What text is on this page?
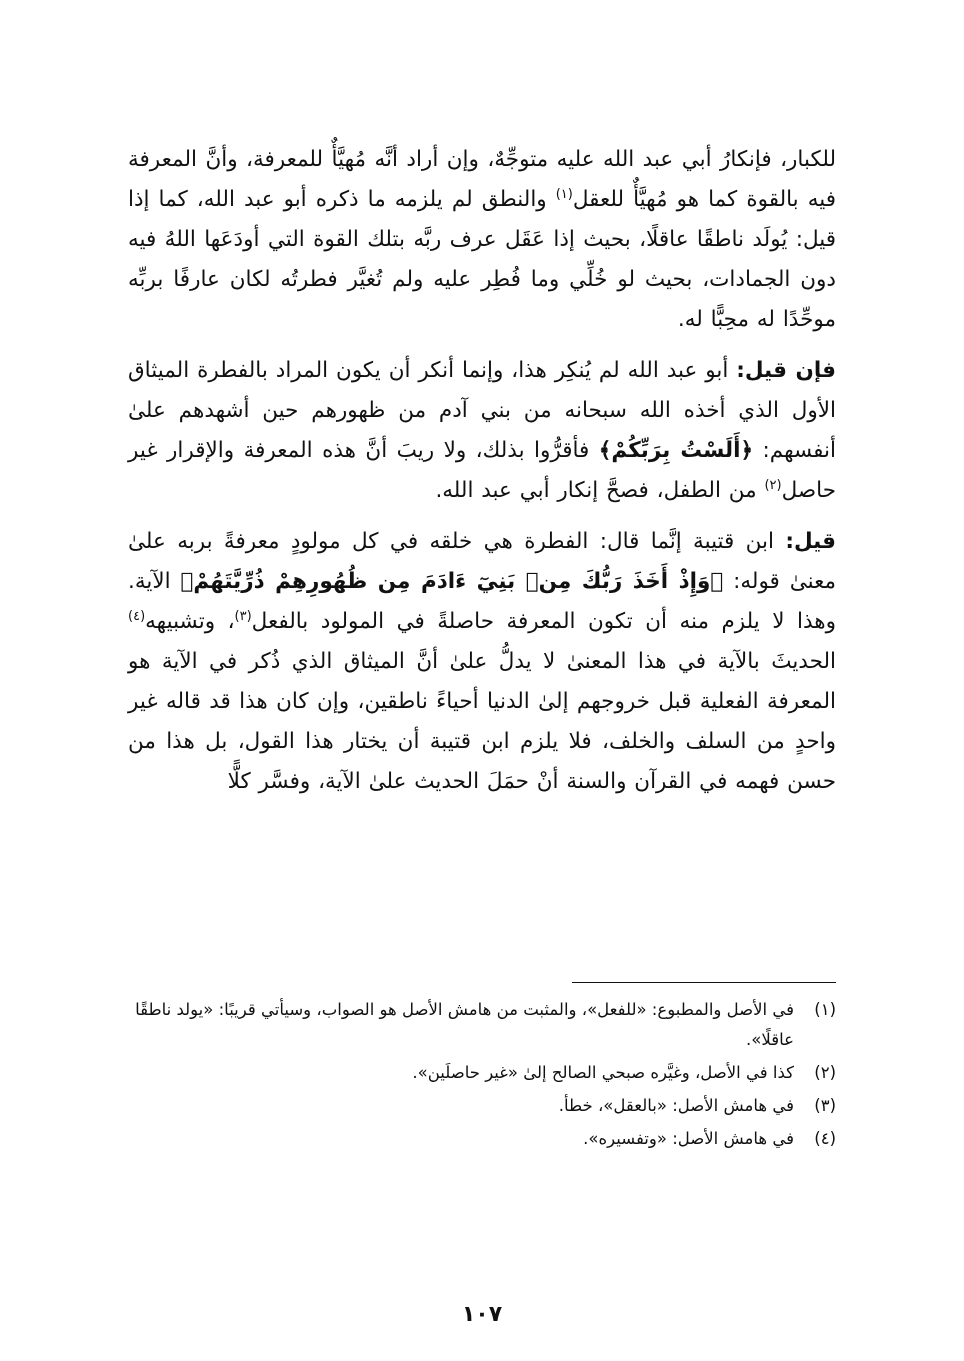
للكبار، فإنكارُ أبي عبد الله عليه متوجِّهٌ، وإن أراد أنَّه مُهيَّأٌ للمعرفة، وأنَّ المعرفة فيه بالقوة كما هو مُهيَّأٌ للعقل$^{(١)}$ والنطق لم يلزمه ما ذكره أبو عبد الله، كما إذا قيل: يُولَد ناطقًا عاقلًا، بحيث إذا عَقَل عرف ربَّه بتلك القوة التي أودَعَها اللهُ فيه دون الجمادات، بحيث لو خُلِّي وما فُطِر عليه ولم تُغيَّر فطرتُه لكان عارفًا بربِّه موحِّدًا له محِبًّا له.

فإن قيل: أبو عبد الله لم يُنكِر هذا، وإنما أنكر أن يكون المراد بالفطرة الميثاق الأول الذي أخذه الله سبحانه من بني آدم من ظهورهم حين أشهدهم علىٰ أنفسهم: ﴿أَلَسْتُ بِرَبِّكُمْ﴾ فأقرُّوا بذلك، ولا ريبَ أنَّ هذه المعرفة والإقرار غير حاصل$^{(٢)}$ من الطفل، فصحَّ إنكار أبي عبد الله.

قيل: ابن قتيبة إنَّما قال: الفطرة هي خلقه في كل مولودٍ معرفةً بربه علىٰ معنىٰ قوله: ﴿وَإِذْ أَخَذَ رَبُّكَ مِنۢ بَنِيٓ ءَادَمَ مِن ظُهُورِهِمْ ذُرِّيَّتَهُمْ﴾ الآية. وهذا لا يلزم منه أن تكون المعرفة حاصلةً في المولود بالفعل$^{(٣)}$، وتشبيهه$^{(٤)}$ الحديثَ بالآية في هذا المعنىٰ لا يدلُّ علىٰ أنَّ الميثاق الذي ذُكر في الآية هو المعرفة الفعلية قبل خروجهم إلىٰ الدنيا أحياءً ناطقين، وإن كان هذا قد قاله غير واحدٍ من السلف والخلف، فلا يلزم ابن قتيبة أن يختار هذا القول، بل هذا من حسن فهمه في القرآن والسنة أنْ حمَلَ الحديث علىٰ الآية، وفسَّر كلًّا

(١)
في الأصل والمطبوع: «للفعل»، والمثبت من هامش الأصل هو الصواب، وسيأتي قريبًا: «يولد ناطقًا عاقلًا».
(٢)
كذا في الأصل، وغيَّره صبحي الصالح إلىٰ «غير حاصلَين».
(٣)
في هامش الأصل: «بالعقل»، خطأ.
(٤)
في هامش الأصل: «وتفسيره».
١٠٧
